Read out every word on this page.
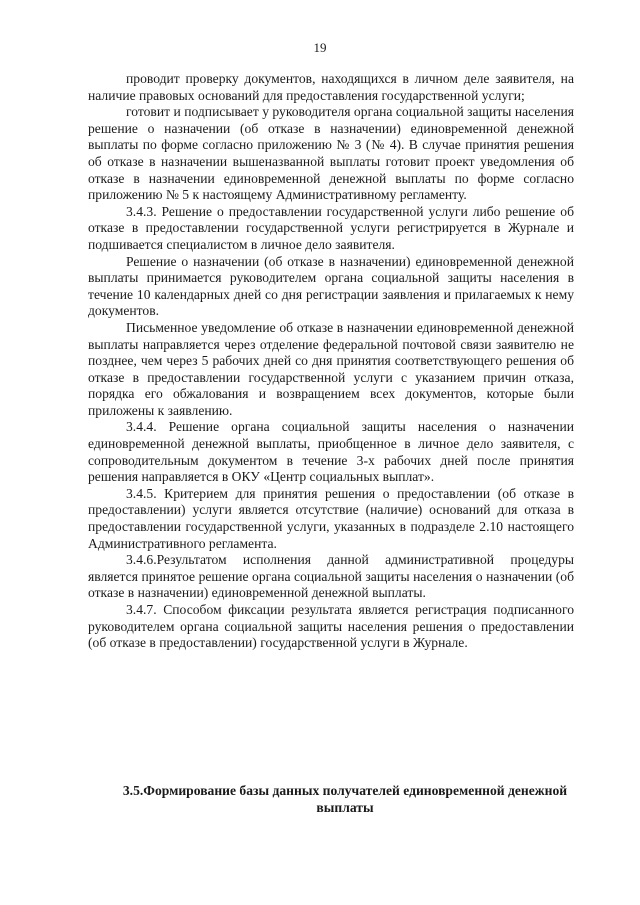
19

проводит проверку документов, находящихся в личном деле заявителя, на наличие правовых оснований для предоставления государственной услуги;

готовит и подписывает у руководителя органа социальной защиты населения решение о назначении (об отказе в назначении) единовременной денежной выплаты по форме согласно приложению № 3 (№ 4). В случае принятия решения об отказе в назначении вышеназванной выплаты готовит проект уведомления об отказе в назначении единовременной денежной выплаты по форме согласно приложению № 5 к настоящему Административному регламенту.

3.4.3. Решение о предоставлении государственной услуги либо решение об отказе в предоставлении государственной услуги регистрируется в Журнале и подшивается специалистом в личное дело заявителя.

Решение о назначении (об отказе в назначении) единовременной денежной выплаты принимается руководителем органа социальной защиты населения в течение 10 календарных дней со дня регистрации заявления и прилагаемых к нему документов.

Письменное уведомление об отказе в назначении единовременной денежной выплаты направляется через отделение федеральной почтовой связи заявителю не позднее, чем через 5 рабочих дней со дня принятия соответствующего решения об отказе в предоставлении государственной услуги с указанием причин отказа, порядка его обжалования и возвращением всех документов, которые были приложены к заявлению.

3.4.4. Решение органа социальной защиты населения о назначении единовременной денежной выплаты, приобщенное в личное дело заявителя, с сопроводительным документом в течение 3-х рабочих дней после принятия решения направляется в ОКУ «Центр социальных выплат».

3.4.5. Критерием для принятия решения о предоставлении (об отказе в предоставлении) услуги является отсутствие (наличие) оснований для отказа в предоставлении государственной услуги, указанных в подразделе 2.10 настоящего Административного регламента.

3.4.6.Результатом исполнения данной административной процедуры является принятое решение органа социальной защиты населения о назначении (об отказе в назначении) единовременной денежной выплаты.

3.4.7. Способом фиксации результата является регистрация подписанного руководителем органа социальной защиты населения решения о предоставлении (об отказе в предоставлении) государственной услуги в Журнале.

3.5.Формирование базы данных получателей единовременной денежной выплаты
